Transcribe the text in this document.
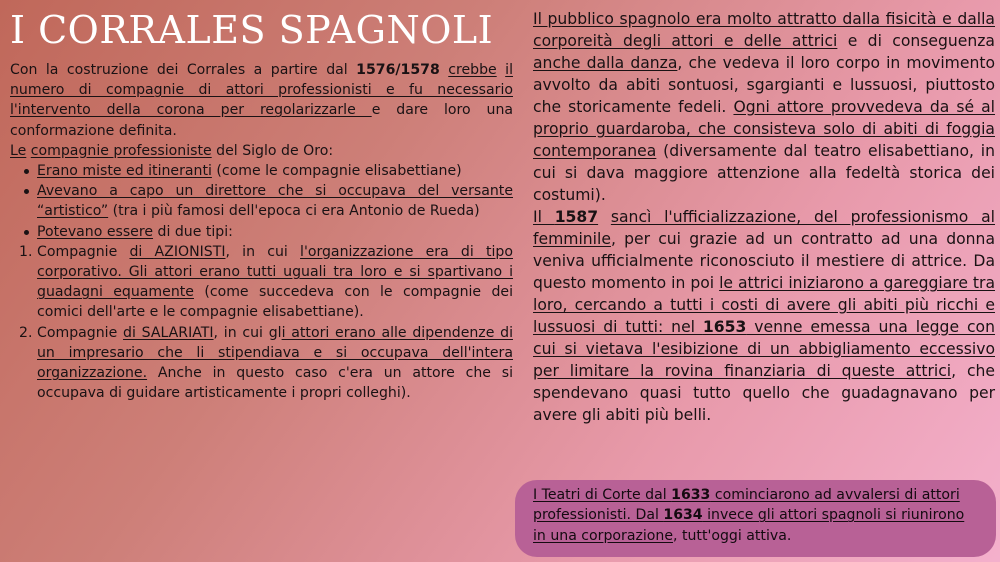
I CORRALES SPAGNOLI

Con la costruzione dei Corrales a partire dal 1576/1578 crebbe il numero di compagnie di attori professionisti e fu necessario l'intervento della corona per regolarizzarle e dare loro una conformazione definita.

Le compagnie professioniste del Siglo de Oro:

Erano miste ed itineranti (come le compagnie elisabettiane)
Avevano a capo un direttore che si occupava del versante “artistico” (tra i più famosi dell'epoca ci era Antonio de Rueda)
Potevano essere di due tipi:
1. Compagnie di AZIONISTI, in cui l'organizzazione era di tipo corporativo. Gli attori erano tutti uguali tra loro e si spartivano i guadagni equamente (come succedeva con le compagnie dei comici dell'arte e le compagnie elisabettiane).
2. Compagnie di SALARIATI, in cui gli attori erano alle dipendenze di un impresario che li stipendiava e si occupava dell'intera organizzazione. Anche in questo caso c'era un attore che si occupava di guidare artisticamente i propri colleghi).

Il pubblico spagnolo era molto attratto dalla fisicità e dalla corporeità degli attori e delle attrici e di conseguenza anche dalla danza, che vedeva il loro corpo in movimento avvolto da abiti sontuosi, sgargianti e lussuosi, piuttosto che storicamente fedeli. Ogni attore provvedeva da sé al proprio guardaroba, che consisteva solo di abiti di foggia contemporanea (diversamente dal teatro elisabettiano, in cui si dava maggiore attenzione alla fedeltà storica dei costumi).

Il 1587 sancì l'ufficializzazione, del professionismo al femminile, per cui grazie ad un contratto ad una donna veniva ufficialmente riconosciuto il mestiere di attrice. Da questo momento in poi le attrici iniziarono a gareggiare tra loro, cercando a tutti i costi di avere gli abiti più ricchi e lussuosi di tutti: nel 1653 venne emessa una legge con cui si vietava l'esibizione di un abbigliamento eccessivo per limitare la rovina finanziaria di queste attrici, che spendevano quasi tutto quello che guadagnavano per avere gli abiti più belli.

I Teatri di Corte dal 1633 cominciarono ad avvalersi di attori professionisti. Dal 1634 invece gli attori spagnoli si riunirono in una corporazione, tutt'oggi attiva.
